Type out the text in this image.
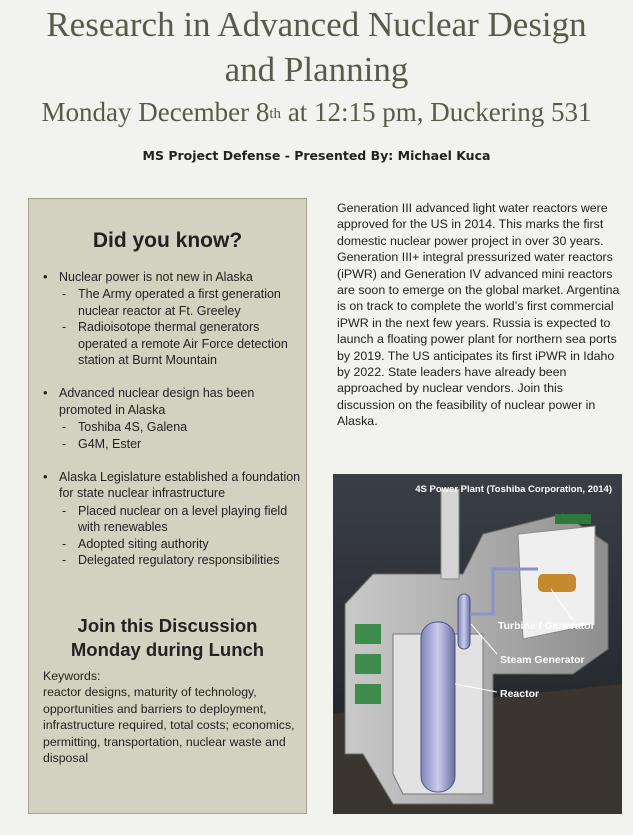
Research in Advanced Nuclear Design
and Planning
Monday December 8th at 12:15 pm, Duckering 531
MS Project Defense - Presented By: Michael Kuca
Did you know?
• Nuclear power is not new in Alaska
- The Army operated a first generation nuclear reactor at Ft. Greeley
- Radioisotope thermal generators operated a remote Air Force detection station at Burnt Mountain
• Advanced nuclear design has been promoted in Alaska
- Toshiba 4S, Galena
- G4M, Ester
• Alaska Legislature established a foundation for state nuclear infrastructure
- Placed nuclear on a level playing field with renewables
- Adopted siting authority
- Delegated regulatory responsibilities
Join this Discussion
Monday during Lunch
Keywords:
reactor designs, maturity of technology, opportunities and barriers to deployment, infrastructure required, total costs; economics, permitting, transportation, nuclear waste and disposal
Generation III advanced light water reactors were approved for the US in 2014. This marks the first domestic nuclear power project in over 30 years. Generation III+ integral pressurized water reactors (iPWR) and Generation IV advanced mini reactors are soon to emerge on the global market. Argentina is on track to complete the world’s first commercial iPWR in the next few years. Russia is expected to launch a floating power plant for northern sea ports by 2019. The US anticipates its first iPWR in Idaho by 2022. State leaders have already been approached by nuclear vendors. Join this discussion on the feasibility of nuclear power in Alaska.
4S Power Plant (Toshiba Corporation, 2014)
Turbine / Generator
Steam Generator
Reactor
